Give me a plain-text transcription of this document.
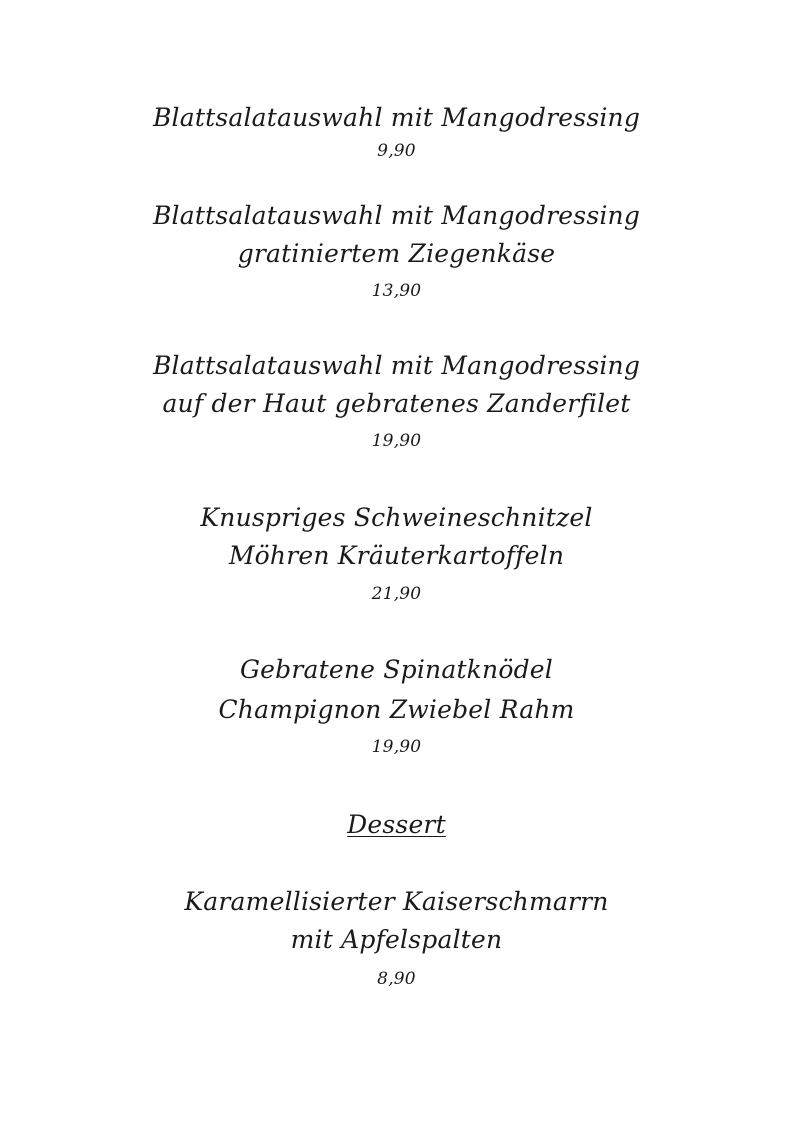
Blattsalatauswahl mit Mangodressing
9,90
Blattsalatauswahl mit Mangodressing
gratiniertem Ziegenkäse
13,90
Blattsalatauswahl mit Mangodressing
auf der Haut gebratenes Zanderfilet
19,90
Knuspriges Schweineschnitzel
Möhren Kräuterkartoffeln
21,90
Gebratene Spinatknödel
Champignon Zwiebel Rahm
19,90
Dessert
Karamellisierter Kaiserschmarrn
mit Apfelspalten
8,90
